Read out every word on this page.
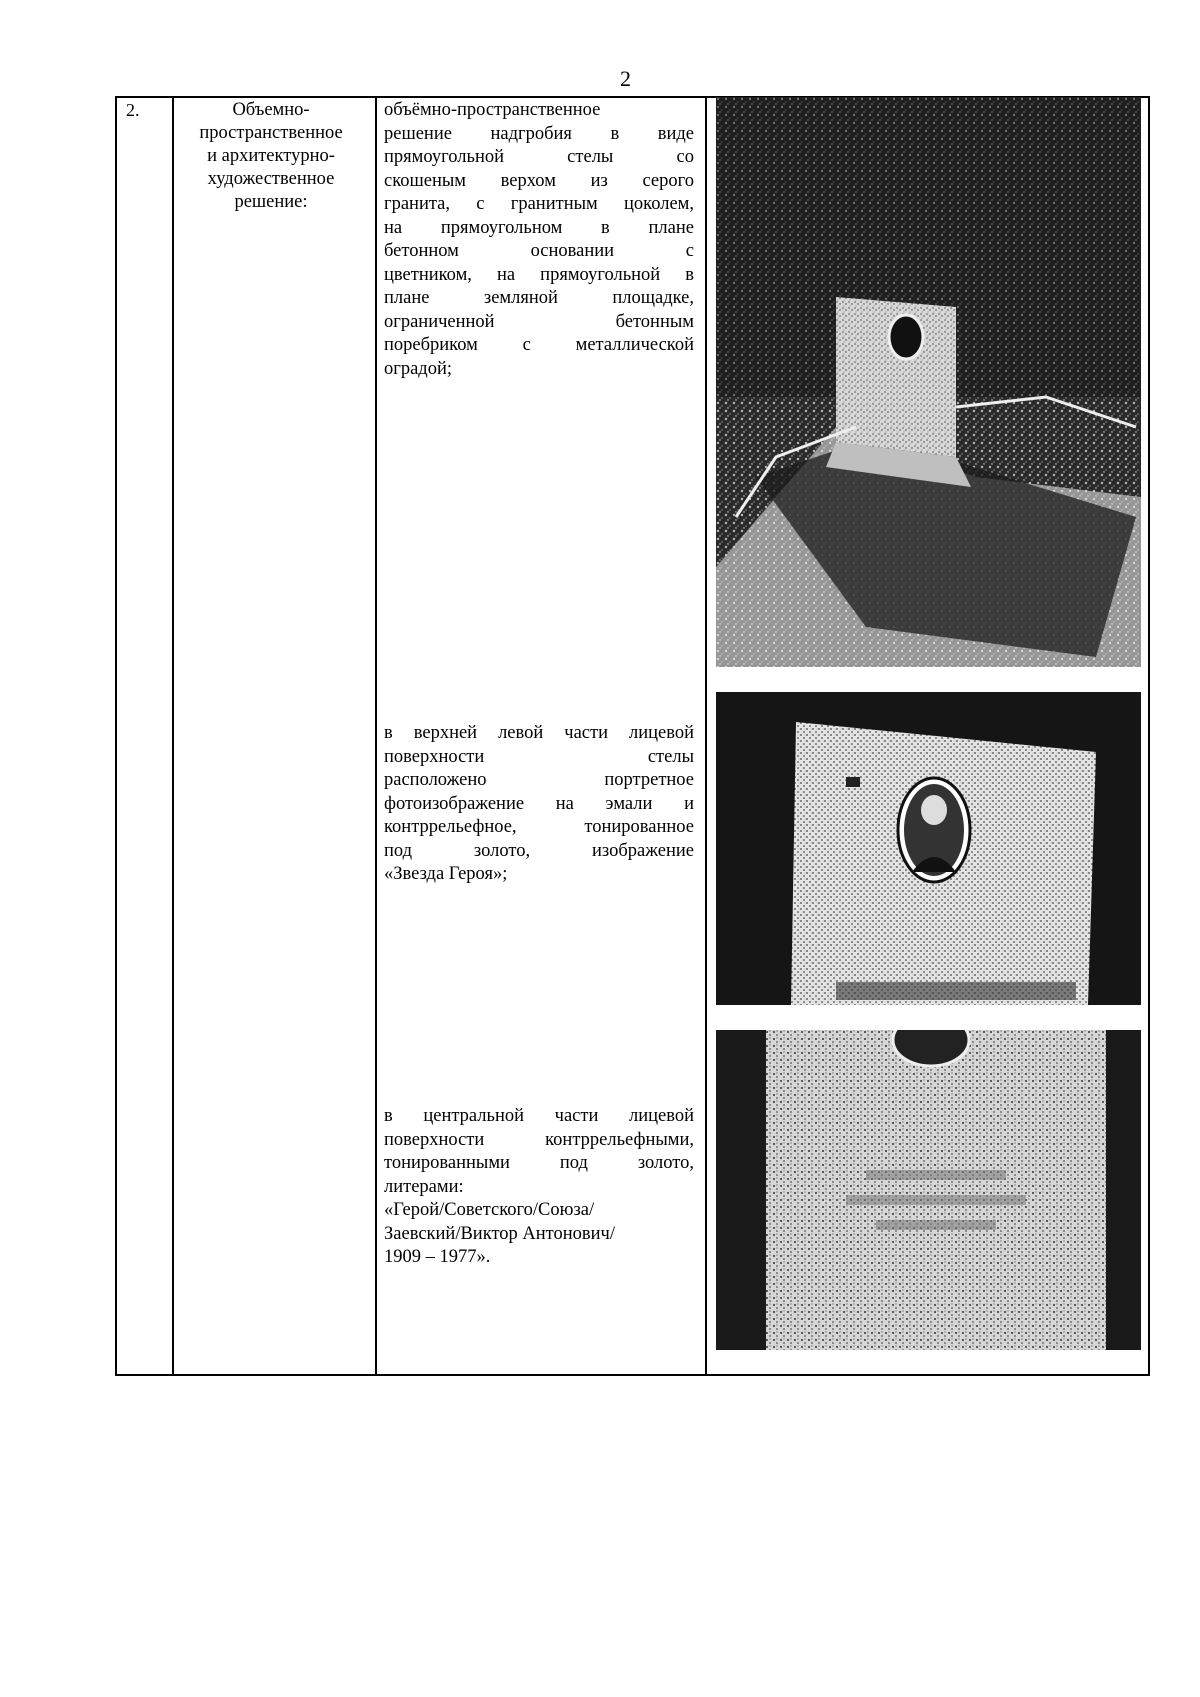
2
2.	Объемно-
пространственное
и архитектурно-
художественное
решение:

объёмно-пространственное

решение надгробия в виде

прямоугольной стелы со

скошеным верхом из серого

гранита, с гранитным цоколем,

на прямоугольном в плане

бетонном основании с

цветником, на прямоугольной в

плане земляной площадке,

ограниченной бетонным

поребриком с металлической

оградой;

в верхней левой части лицевой

поверхности стелы

расположено портретное

фотоизображение на эмали и

контррельефное, тонированное

под золото, изображение

«Звезда Героя»;

в центральной части лицевой

поверхности контррельефными,

тонированными под золото,

литерами:

«Герой/Советского/Союза/

Заевский/Виктор Антонович/

1909 – 1977».
